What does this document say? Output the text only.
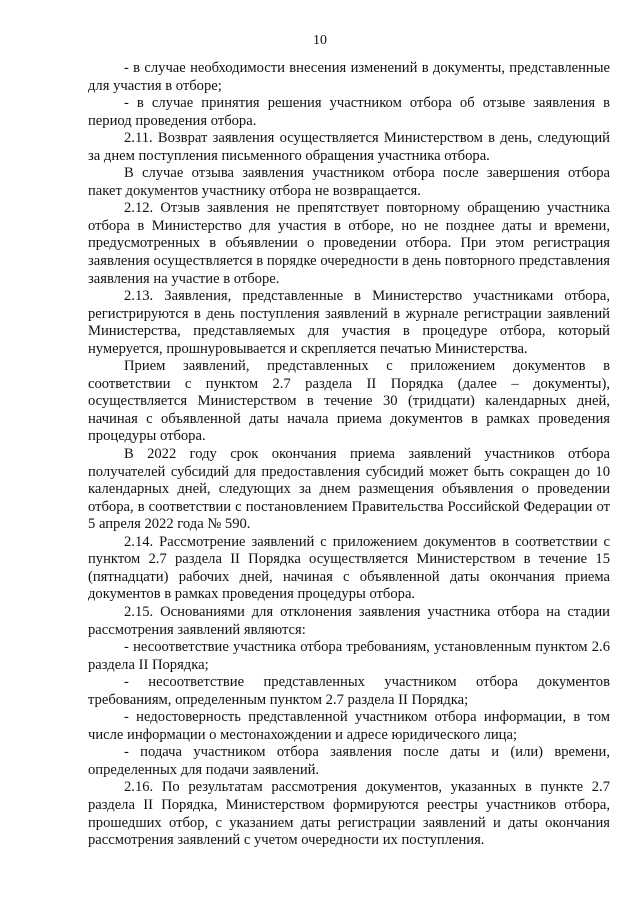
10

- в случае необходимости внесения изменений в документы, представленные для участия в отборе;

- в случае принятия решения участником отбора об отзыве заявления в период проведения отбора.

2.11. Возврат заявления осуществляется Министерством в день, следующий за днем поступления письменного обращения участника отбора.

В случае отзыва заявления участником отбора после завершения отбора пакет документов участнику отбора не возвращается.

2.12. Отзыв заявления не препятствует повторному обращению участника отбора в Министерство для участия в отборе, но не позднее даты и времени, предусмотренных в объявлении о проведении отбора. При этом регистрация заявления осуществляется в порядке очередности в день повторного представления заявления на участие в отборе.

2.13. Заявления, представленные в Министерство участниками отбора, регистрируются в день поступления заявлений в журнале регистрации заявлений Министерства, представляемых для участия в процедуре отбора, который нумеруется, прошнуровывается и скрепляется печатью Министерства.

Прием заявлений, представленных с приложением документов в соответствии с пунктом 2.7 раздела II Порядка (далее – документы), осуществляется Министерством в течение 30 (тридцати) календарных дней, начиная с объявленной даты начала приема документов в рамках проведения процедуры отбора.

В 2022 году срок окончания приема заявлений участников отбора получателей субсидий для предоставления субсидий может быть сокращен до 10 календарных дней, следующих за днем размещения объявления о проведении отбора, в соответствии с постановлением Правительства Российской Федерации от 5 апреля 2022 года № 590.

2.14. Рассмотрение заявлений с приложением документов в соответствии с пунктом 2.7 раздела II Порядка осуществляется Министерством в течение 15 (пятнадцати) рабочих дней, начиная с объявленной даты окончания приема документов в рамках проведения процедуры отбора.

2.15. Основаниями для отклонения заявления участника отбора на стадии рассмотрения заявлений являются:

- несоответствие участника отбора требованиям, установленным пунктом 2.6 раздела II Порядка;

- несоответствие представленных участником отбора документов требованиям, определенным пунктом 2.7 раздела II Порядка;

- недостоверность представленной участником отбора информации, в том числе информации о местонахождении и адресе юридического лица;

- подача участником отбора заявления после даты и (или) времени, определенных для подачи заявлений.

2.16. По результатам рассмотрения документов, указанных в пункте 2.7 раздела II Порядка, Министерством формируются реестры участников отбора, прошедших отбор, с указанием даты регистрации заявлений и даты окончания рассмотрения заявлений с учетом очередности их поступления.
